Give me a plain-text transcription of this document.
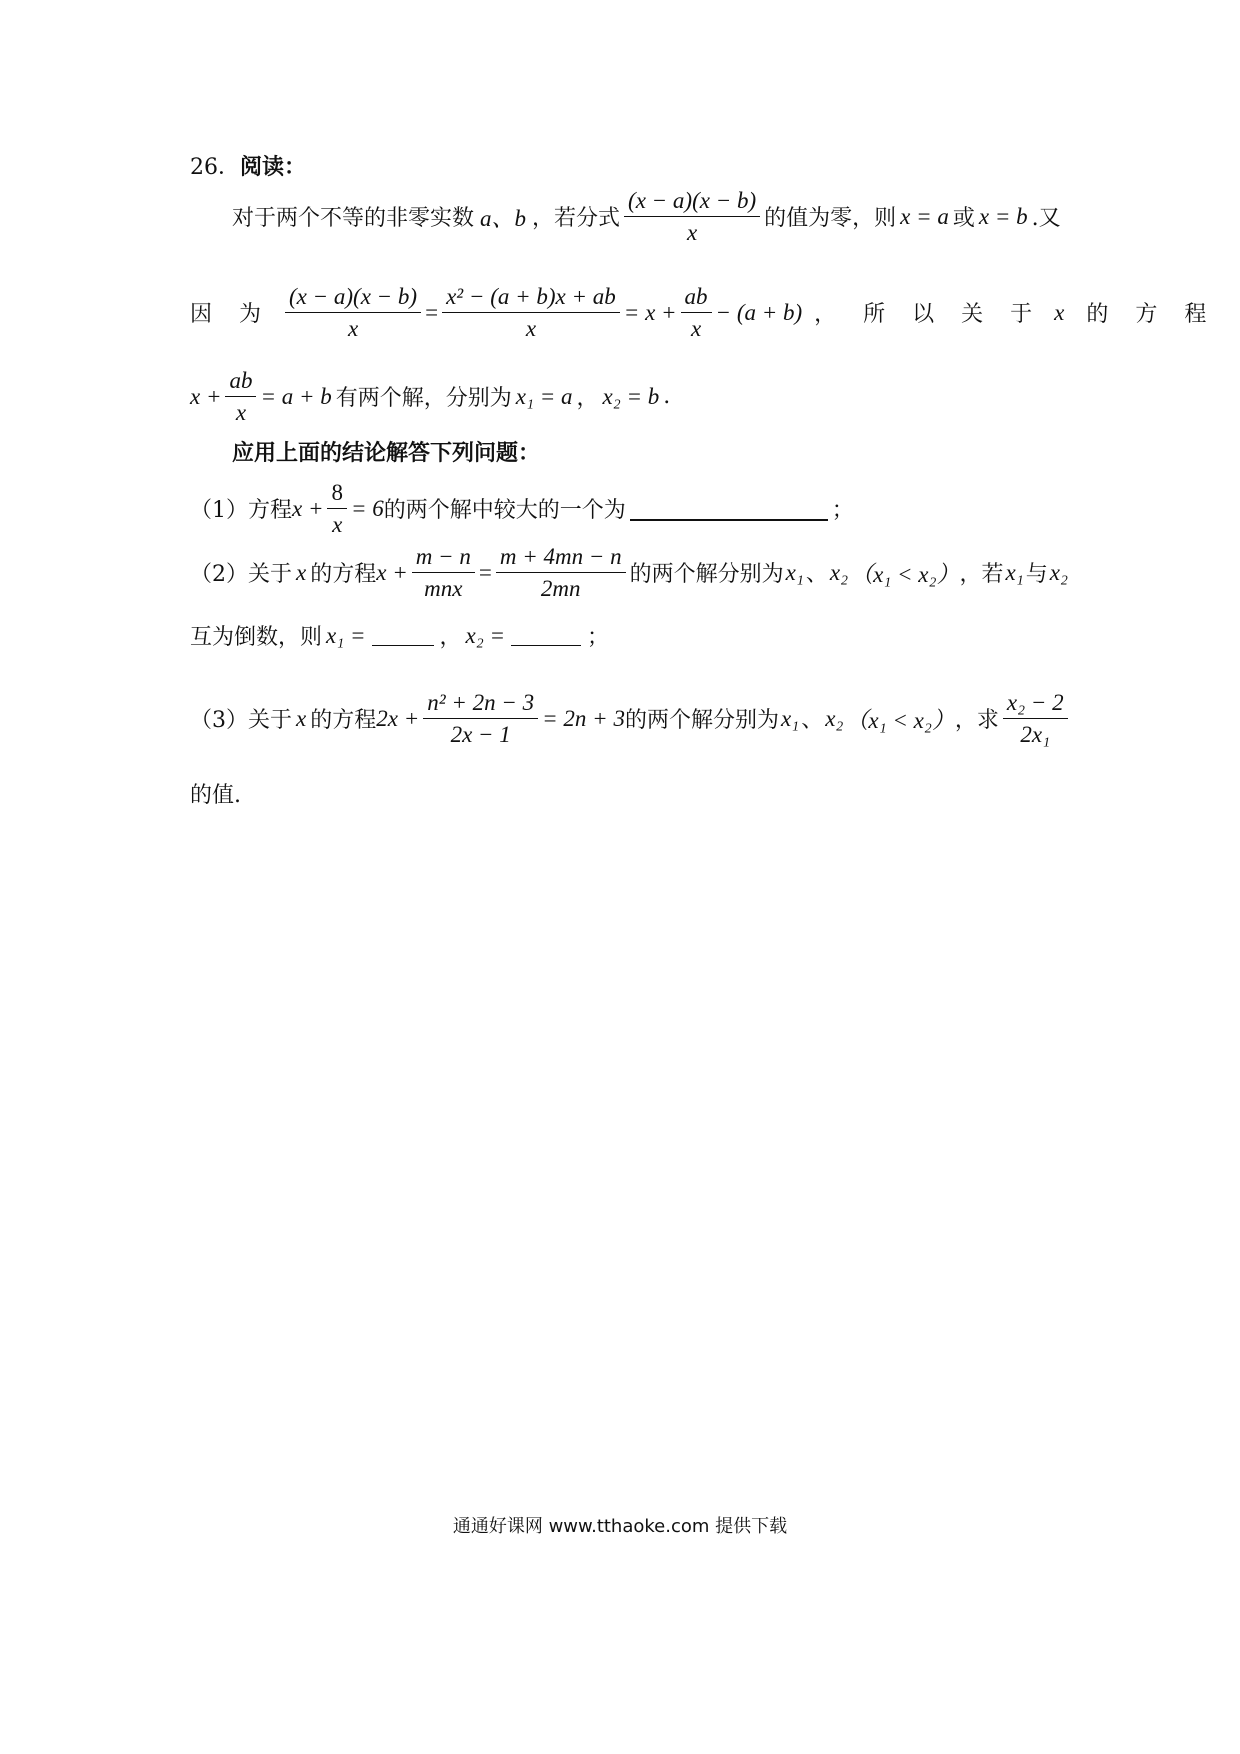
26． 阅读：
对于两个不等的非零实数 a、b ，若分式 $\frac{(x - a)(x - b)}{x}$ 的值为零，则 x = a 或 x = b .又
因 为 $\frac{(x - a)(x - b)}{x} = \frac{\text{x² − (a + b)x + ab}}{x} = x + \frac{ab}{x} - (a + b)$ ， 所 以 关 于 x 的 方 程
$x + \frac{ab}{x} = a + b$ 有两个解，分别为 x₁ = a ， x₂ = b .
应用上面的结论解答下列问题：
（1）方程 $x + \frac{8}{x} = 6$ 的两个解中较大的一个为	；
（2）关于 x 的方程 $x + \frac{m - n}{\text{mnx}} = \frac{m + 4mn - n}{2mn}$ 的两个解分别为 x₁ 、 x₂ （x₁ < x₂） ，若 x₁ 与 x₂
互为倒数，则 x₁ =	， x₂ =	；
（3）关于 x 的方程 $2x + \frac{\text{n² + 2n − 3}}{2x - 1} = 2n + 3$ 的两个解分别为 x₁ 、 x₂ （x₁ < x₂） ，求 $\frac{\text{x₂ − 2}}{\text{2x₁}}$
的值.
通通好课网 www.tthaoke.com 提供下载
